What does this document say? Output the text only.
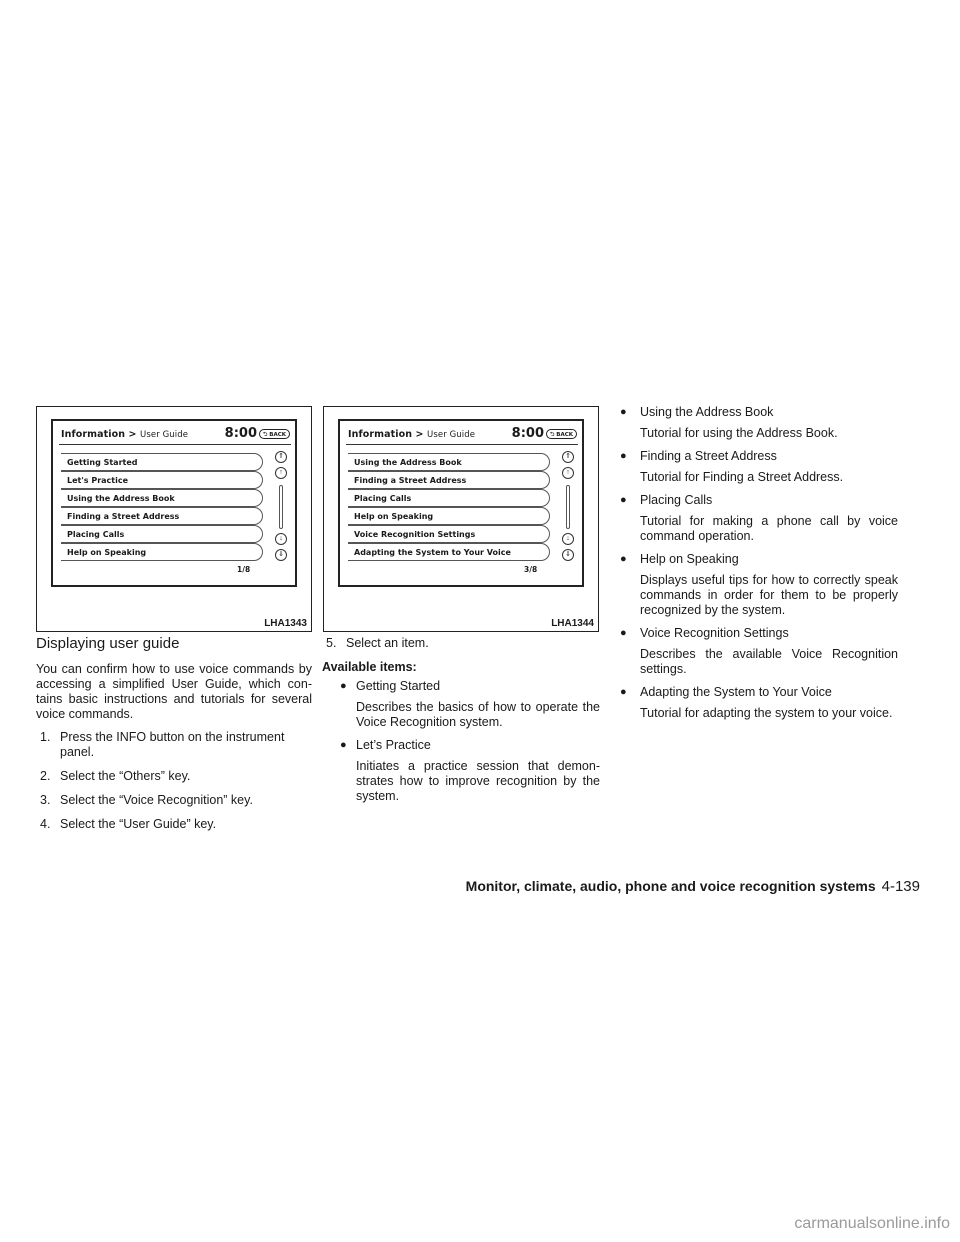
Information > User Guide	8:00	⮌ BACK
Getting Started
Let's Practice
Using the Address Book
Finding a Street Address
Placing Calls
Help on Speaking
⇑
↑
↓
⇓
1/8
LHA1343
Information > User Guide	8:00	⮌ BACK
Using the Address Book
Finding a Street Address
Placing Calls
Help on Speaking
Voice Recognition Settings
Adapting the System to Your Voice
⇑
↑
↓
⇓
3/8
LHA1344
Displaying user guide

You can confirm how to use voice commands by accessing a simplified User Guide, which con- tains basic instructions and tutorials for several voice commands.

1. Press the INFO button on the instrument panel.
2. Select the “Others” key.
3. Select the “Voice Recognition” key.
4. Select the “User Guide” key.
5. Select an item.
Available items:
● Getting Started
Describes the basics of how to operate the Voice Recognition system.
● Let’s Practice
Initiates a practice session that demon- strates how to improve recognition by the system.
● Using the Address Book
Tutorial for using the Address Book.
● Finding a Street Address
Tutorial for Finding a Street Address.
● Placing Calls
Tutorial for making a phone call by voice command operation.
● Help on Speaking
Displays useful tips for how to correctly speak commands in order for them to be properly recognized by the system.
● Voice Recognition Settings
Describes the available Voice Recognition settings.
● Adapting the System to Your Voice
Tutorial for adapting the system to your voice.
Monitor, climate, audio, phone and voice recognition systems 4-139
carmanualsonline.info
